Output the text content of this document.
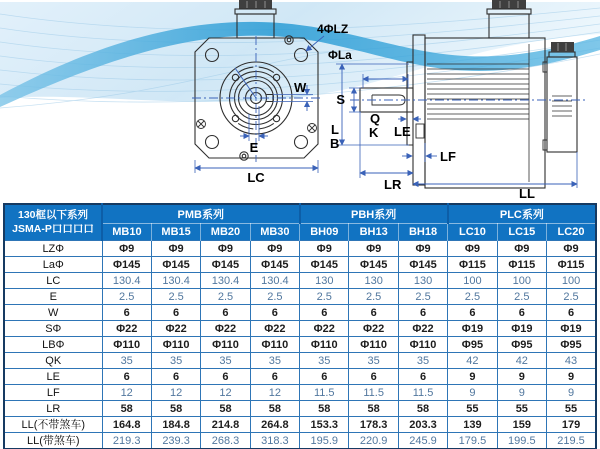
4ΦLZ
ΦLa
W
E
LC
S
L
B
Q
K LE
LF
LR
LL
130框以下系列
JSMA-P口口口口	PMB系列				PBH系列			PLC系列		
	MB10	MB15	MB20	MB30	BH09	BH13	BH18	LC10	LC15	LC20
LZΦ	Φ9	Φ9	Φ9	Φ9	Φ9	Φ9	Φ9	Φ9	Φ9	Φ9
LaΦ	Φ145	Φ145	Φ145	Φ145	Φ145	Φ145	Φ145	Φ115	Φ115	Φ115
LC	130.4	130.4	130.4	130.4	130	130	130	100	100	100
E	2.5	2.5	2.5	2.5	2.5	2.5	2.5	2.5	2.5	2.5
W	6	6	6	6	6	6	6	6	6	6
SΦ	Φ22	Φ22	Φ22	Φ22	Φ22	Φ22	Φ22	Φ19	Φ19	Φ19
LBΦ	Φ110	Φ110	Φ110	Φ110	Φ110	Φ110	Φ110	Φ95	Φ95	Φ95
QK	35	35	35	35	35	35	35	42	42	43
LE	6	6	6	6	6	6	6	9	9	9
LF	12	12	12	12	11.5	11.5	11.5	9	9	9
LR	58	58	58	58	58	58	58	55	55	55
LL(不带煞车)	164.8	184.8	214.8	264.8	153.3	178.3	203.3	139	159	179
LL(带煞车)	219.3	239.3	268.3	318.3	195.9	220.9	245.9	179.5	199.5	219.5
